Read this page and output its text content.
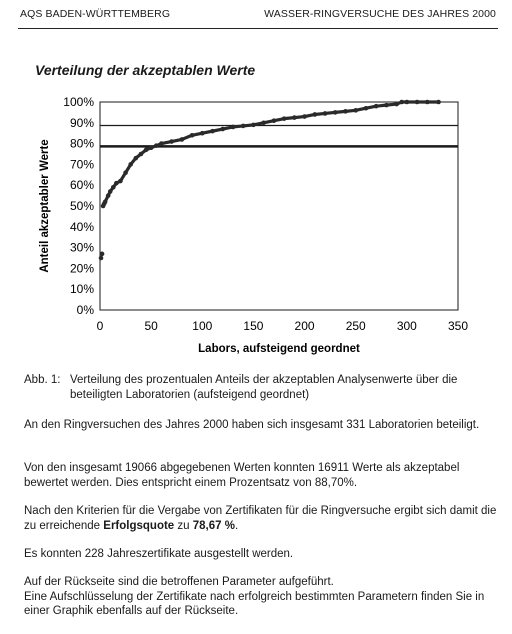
AQS BADEN-WÜRTTEMBERG	WASSER-RINGVERSUCHE DES JAHRES 2000
Verteilung der akzeptablen Werte
0%
10%
20%
30%
40%
50%
60%
70%
80%
90%
100%
0	50	100	150	200	250	300	350
Anteil akzeptabler Werte
Labors, aufsteigend geordnet
Abb. 1: Verteilung des prozentualen Anteils der akzeptablen Analysenwerte über die beteiligten Laboratorien (aufsteigend geordnet)
An den Ringversuchen des Jahres 2000 haben sich insgesamt 331 Laboratorien beteiligt.
Von den insgesamt 19066 abgegebenen Werten konnten 16911 Werte als akzeptabel bewertet werden. Dies entspricht einem Prozentsatz von 88,70%.
Nach den Kriterien für die Vergabe von Zertifikaten für die Ringversuche ergibt sich damit die zu erreichende Erfolgsquote zu 78,67 %.
Es konnten 228 Jahreszertifikate ausgestellt werden.
Auf der Rückseite sind die betroffenen Parameter aufgeführt.
Eine Aufschlüsselung der Zertifikate nach erfolgreich bestimmten Parametern finden Sie in einer Graphik ebenfalls auf der Rückseite.
